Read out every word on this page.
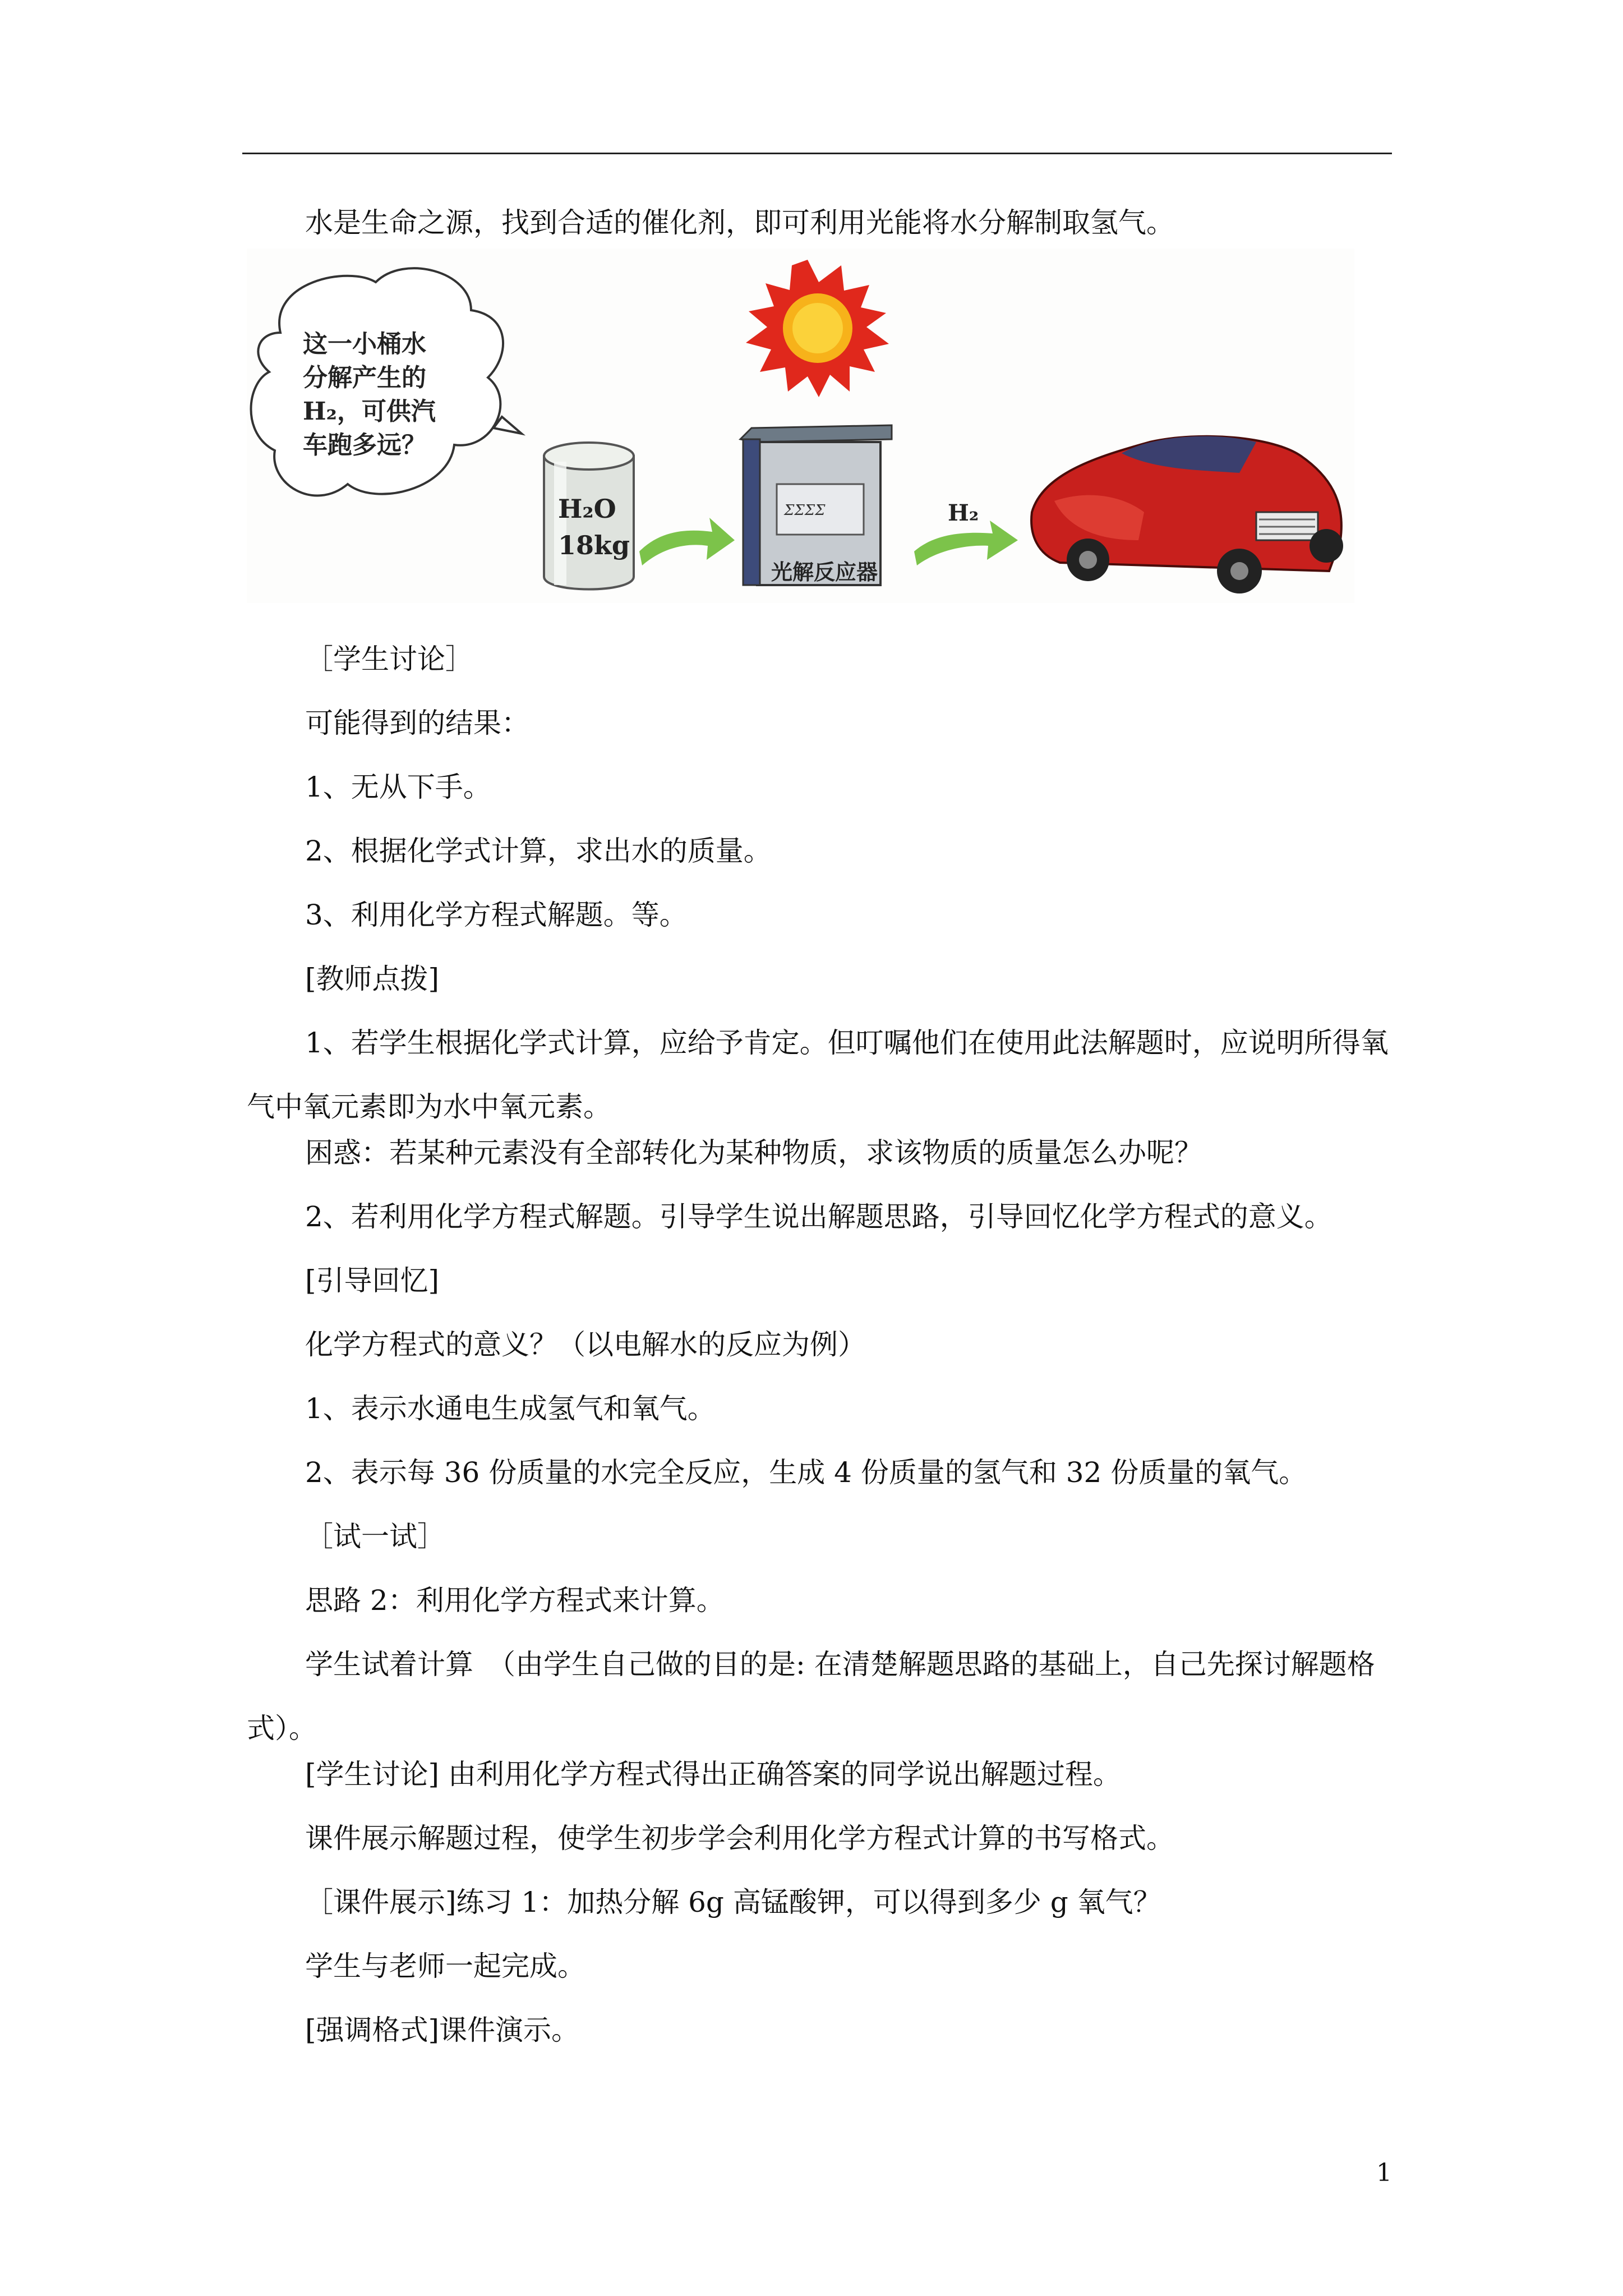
水是生命之源，找到合适的催化剂，即可利用光能将水分解制取氢气。
这一小桶水
分解产生的
H₂，可供汽
车跑多远？
H₂O
18kg
ΣΣΣΣ
光解反应器
H₂
［学生讨论］
可能得到的结果：
1、无从下手。
2、根据化学式计算，求出水的质量。
3、利用化学方程式解题。等。
[教师点拨]
1、若学生根据化学式计算，应给予肯定。但叮嘱他们在使用此法解题时，应说明所得氧气中氧元素即为水中氧元素。
困惑：若某种元素没有全部转化为某种物质，求该物质的质量怎么办呢？
2、若利用化学方程式解题。引导学生说出解题思路，引导回忆化学方程式的意义。
[引导回忆]
化学方程式的意义？（以电解水的反应为例）
1、表示水通电生成氢气和氧气。
2、表示每 36 份质量的水完全反应，生成 4 份质量的氢气和 32 份质量的氧气。
［试一试］
思路 2：利用化学方程式来计算。
学生试着计算　（由学生自己做的目的是: 在清楚解题思路的基础上，自己先探讨解题格式）。
[学生讨论] 由利用化学方程式得出正确答案的同学说出解题过程。
课件展示解题过程，使学生初步学会利用化学方程式计算的书写格式。
［课件展示]练习 1：加热分解 6g 高锰酸钾，可以得到多少 g 氧气？
学生与老师一起完成。
[强调格式]课件演示。
1
